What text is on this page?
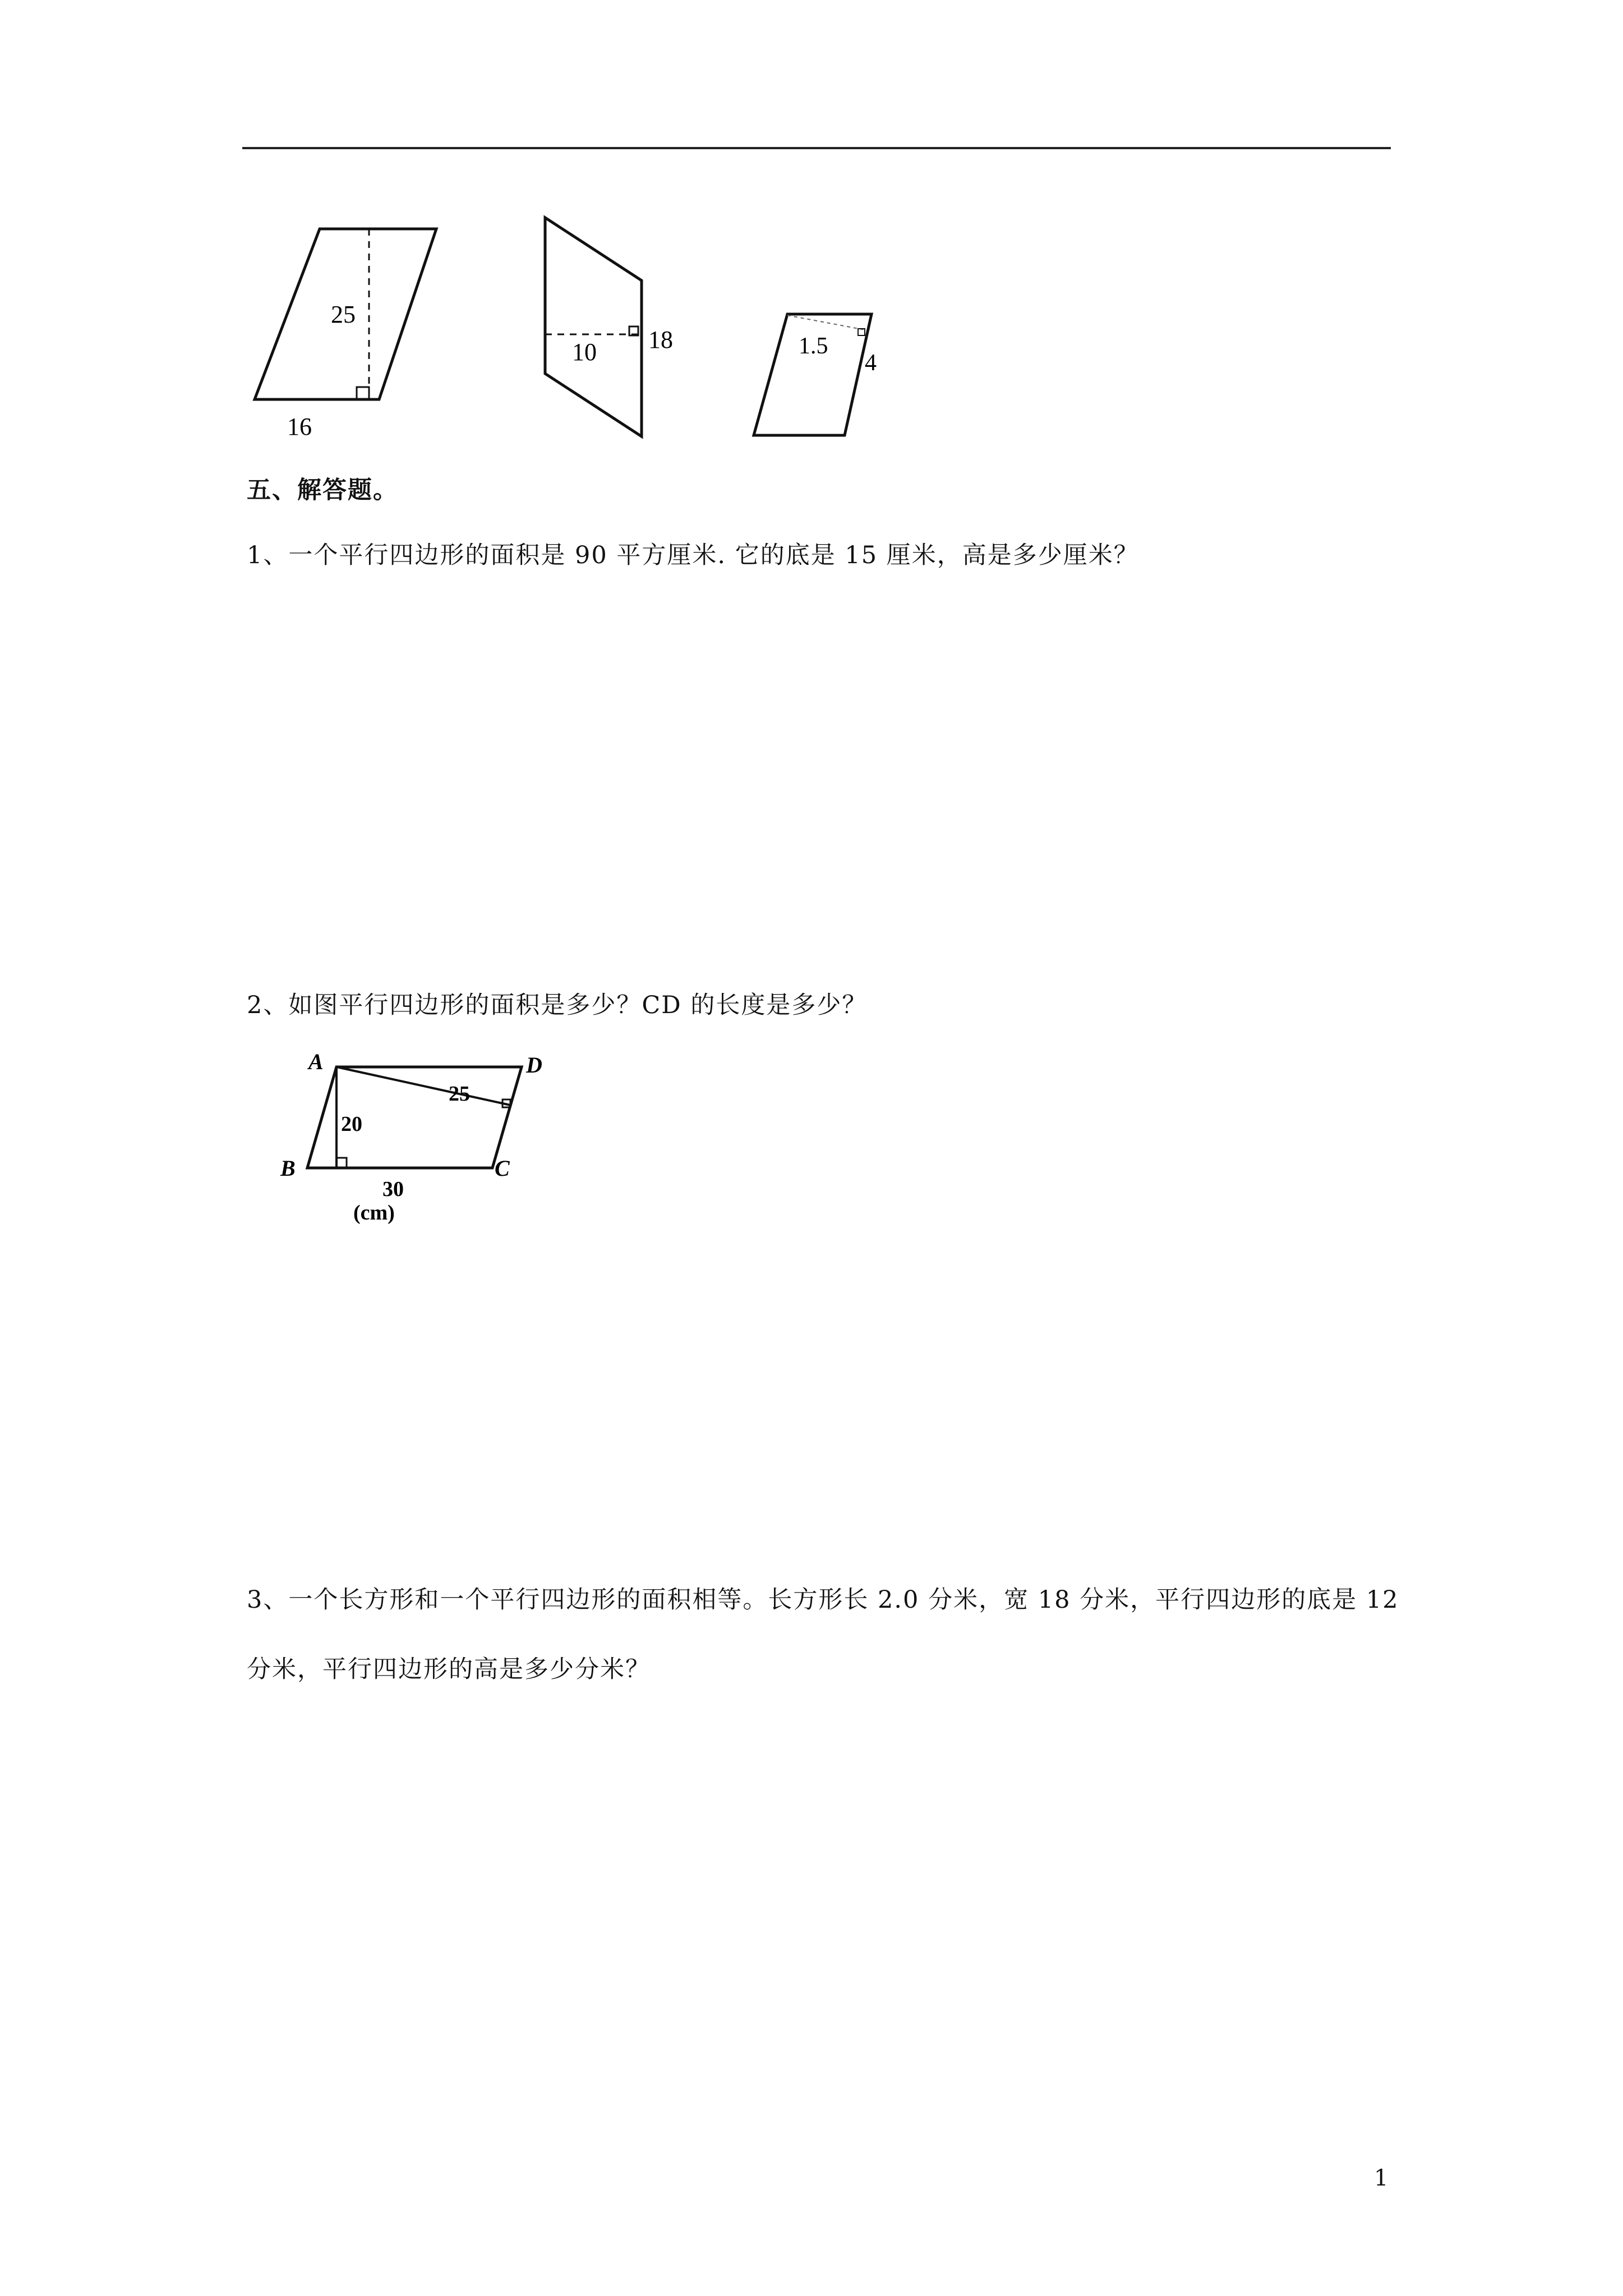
25
16
10 18	1.5
4
五、解答题。
1、一个平行四边形的面积是 90 平方厘米. 它的底是 15 厘米，高是多少厘米？
2、如图平行四边形的面积是多少？CD 的长度是多少？
A	D
B	C
20
25
30
(cm)
3、一个长方形和一个平行四边形的面积相等。长方形长 2.0 分米，宽 18 分米，平行四边形的底是 12 分米，平行四边形的高是多少分米？
1
